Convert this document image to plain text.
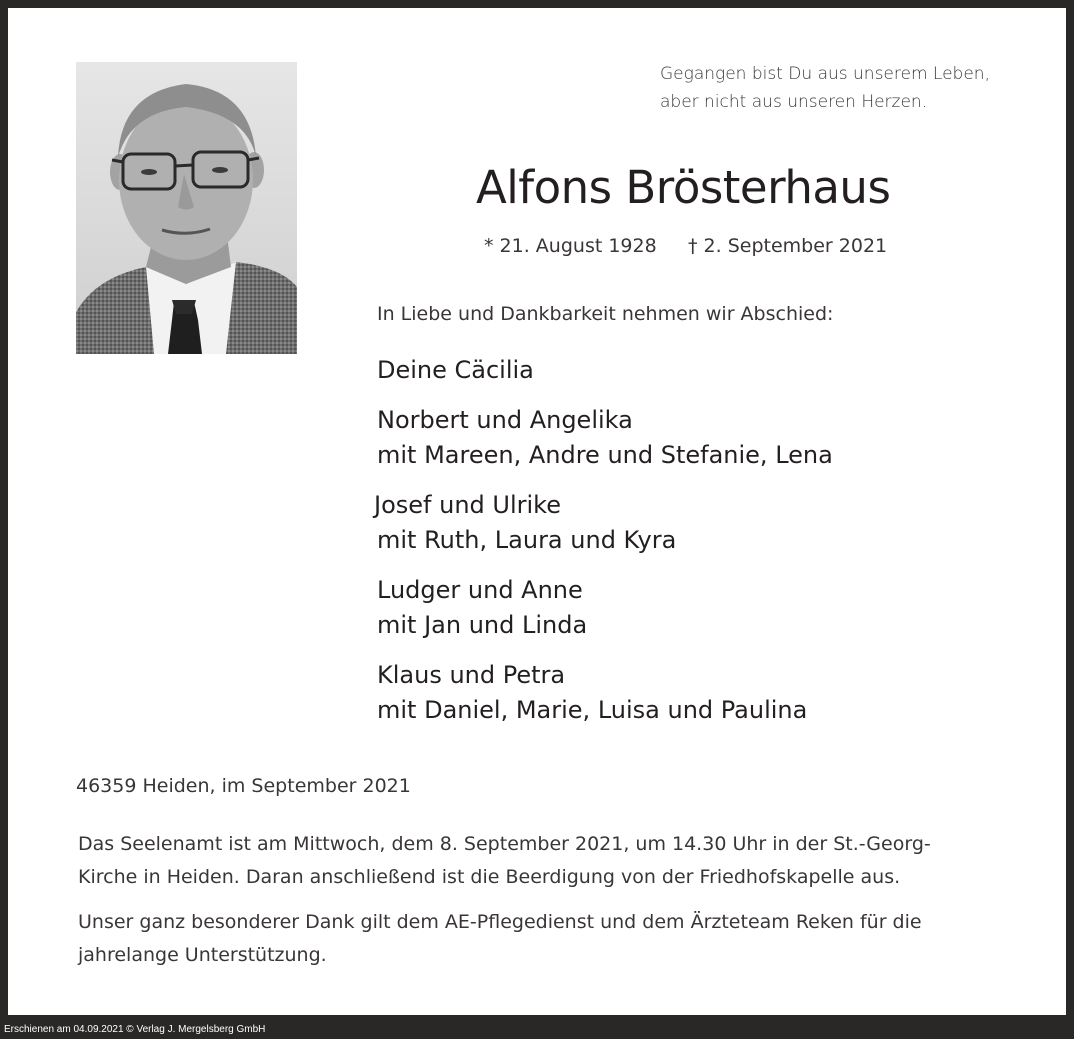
Gegangen bist Du aus unserem Leben,
aber nicht aus unseren Herzen.
Alfons Brösterhaus
* 21. August 1928 † 2. September 2021
In Liebe und Dankbarkeit nehmen wir Abschied:
Deine Cäcilia
Norbert und Angelika
mit Mareen, Andre und Stefanie, Lena
Josef und Ulrike
mit Ruth, Laura und Kyra
Ludger und Anne
mit Jan und Linda
Klaus und Petra
mit Daniel, Marie, Luisa und Paulina
46359 Heiden, im September 2021
Das Seelenamt ist am Mittwoch, dem 8. September 2021, um 14.30 Uhr in der St.-Georg-
Kirche in Heiden. Daran anschließend ist die Beerdigung von der Friedhofskapelle aus.
Unser ganz besonderer Dank gilt dem AE-Pflegedienst und dem Ärzteteam Reken für die
jahrelange Unterstützung.
Erschienen am 04.09.2021 © Verlag J. Mergelsberg GmbH
